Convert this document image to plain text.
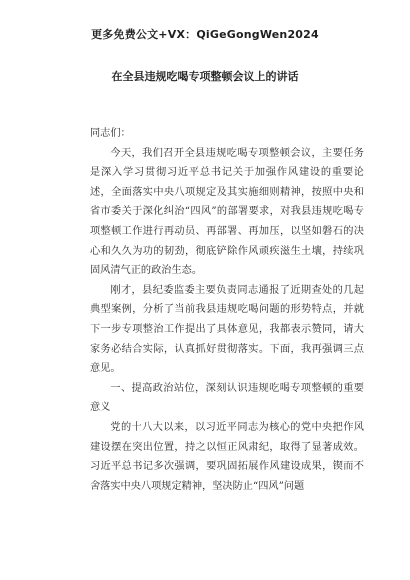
更多免费公文+VX：QiGeGongWen2024
在全县违规吃喝专项整顿会议上的讲话

同志们：

今天，我们召开全县违规吃喝专项整顿会议，主要任务是深入学习贯彻习近平总书记关于加强作风建设的重要论述，全面落实中央八项规定及其实施细则精神，按照中央和省市委关于深化纠治“四风”的部署要求，对我县违规吃喝专项整顿工作进行再动员、再部署、再加压，以坚如磐石的决心和久久为功的韧劲，彻底铲除作风顽疾滋生土壤，持续巩固风清气正的政治生态。

刚才，县纪委监委主要负责同志通报了近期查处的几起典型案例，分析了当前我县违规吃喝问题的形势特点，并就下一步专项整治工作提出了具体意见，我都表示赞同，请大家务必结合实际，认真抓好贯彻落实。下面，我再强调三点意见。

一、提高政治站位，深刻认识违规吃喝专项整顿的重要意义

党的十八大以来，以习近平同志为核心的党中央把作风建设摆在突出位置，持之以恒正风肃纪，取得了显著成效。习近平总书记多次强调，要巩固拓展作风建设成果，锲而不舍落实中央八项规定精神，坚决防止“四风”问题
